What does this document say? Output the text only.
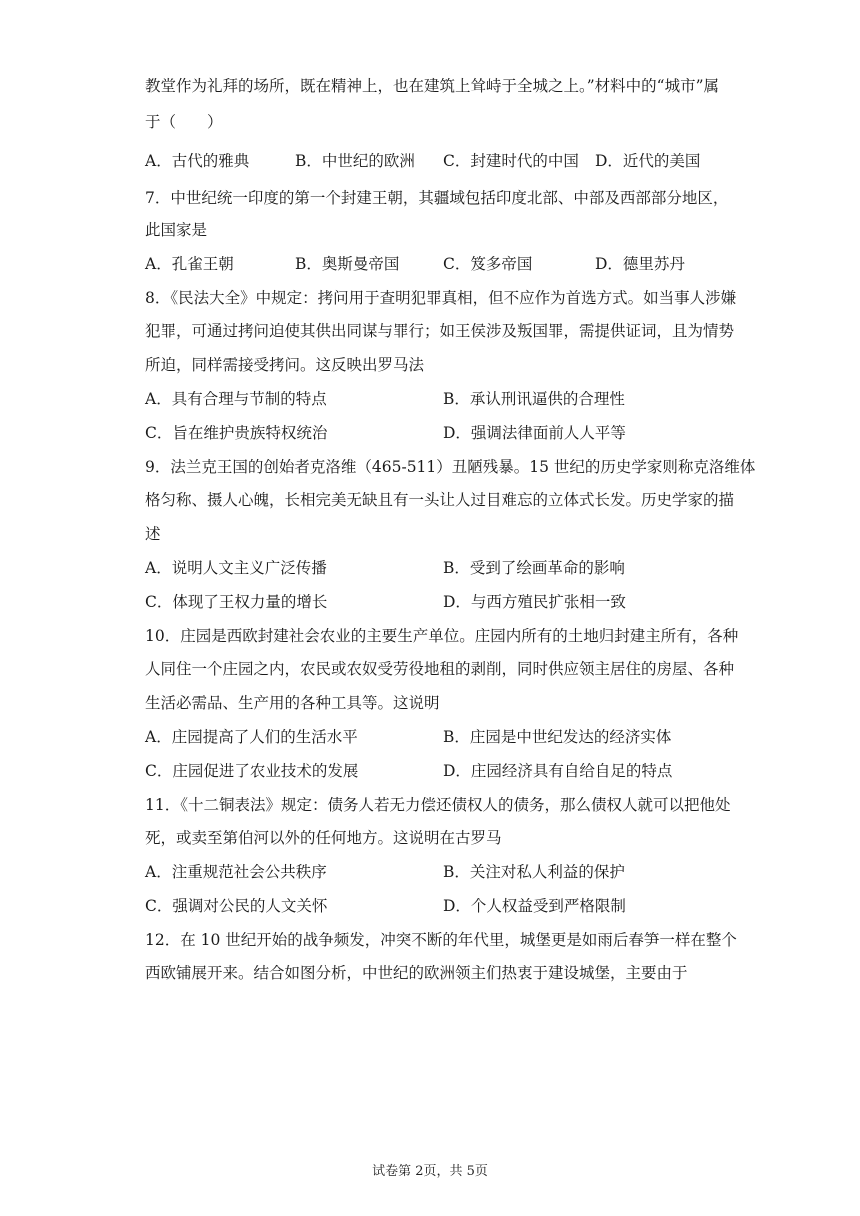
教堂作为礼拜的场所，既在精神上，也在建筑上耸峙于全城之上。”材料中的“城市”属
于（　　）
A．古代的雅典	B．中世纪的欧洲 C．封建时代的中国 D．近代的美国
7．中世纪统一印度的第一个封建王朝，其疆域包括印度北部、中部及西部部分地区，
此国家是
A．孔雀王朝	B．奥斯曼帝国	C．笈多帝国	D．德里苏丹
8．《民法大全》中规定：拷问用于查明犯罪真相，但不应作为首选方式。如当事人涉嫌
犯罪，可通过拷问迫使其供出同谋与罪行；如王侯涉及叛国罪，需提供证词，且为情势
所迫，同样需接受拷问。这反映出罗马法
A．具有合理与节制的特点	B．承认刑讯逼供的合理性
C．旨在维护贵族特权统治	D．强调法律面前人人平等
9．法兰克王国的创始者克洛维（465-511）丑陋残暴。15 世纪的历史学家则称克洛维体
格匀称、摄人心魄，长相完美无缺且有一头让人过目难忘的立体式长发。历史学家的描
述
A．说明人文主义广泛传播	B．受到了绘画革命的影响
C．体现了王权力量的增长	D．与西方殖民扩张相一致
10．庄园是西欧封建社会农业的主要生产单位。庄园内所有的土地归封建主所有，各种
人同住一个庄园之内，农民或农奴受劳役地租的剥削，同时供应领主居住的房屋、各种
生活必需品、生产用的各种工具等。这说明
A．庄园提高了人们的生活水平	B．庄园是中世纪发达的经济实体
C．庄园促进了农业技术的发展	D．庄园经济具有自给自足的特点
11．《十二铜表法》规定：债务人若无力偿还债权人的债务，那么债权人就可以把他处
死，或卖至第伯河以外的任何地方。这说明在古罗马
A．注重规范社会公共秩序	B．关注对私人利益的保护
C．强调对公民的人文关怀	D．个人权益受到严格限制
12．在 10 世纪开始的战争频发，冲突不断的年代里，城堡更是如雨后春笋一样在整个
西欧铺展开来。结合如图分析，中世纪的欧洲领主们热衷于建设城堡，主要由于
试卷第 2页，共 5页
